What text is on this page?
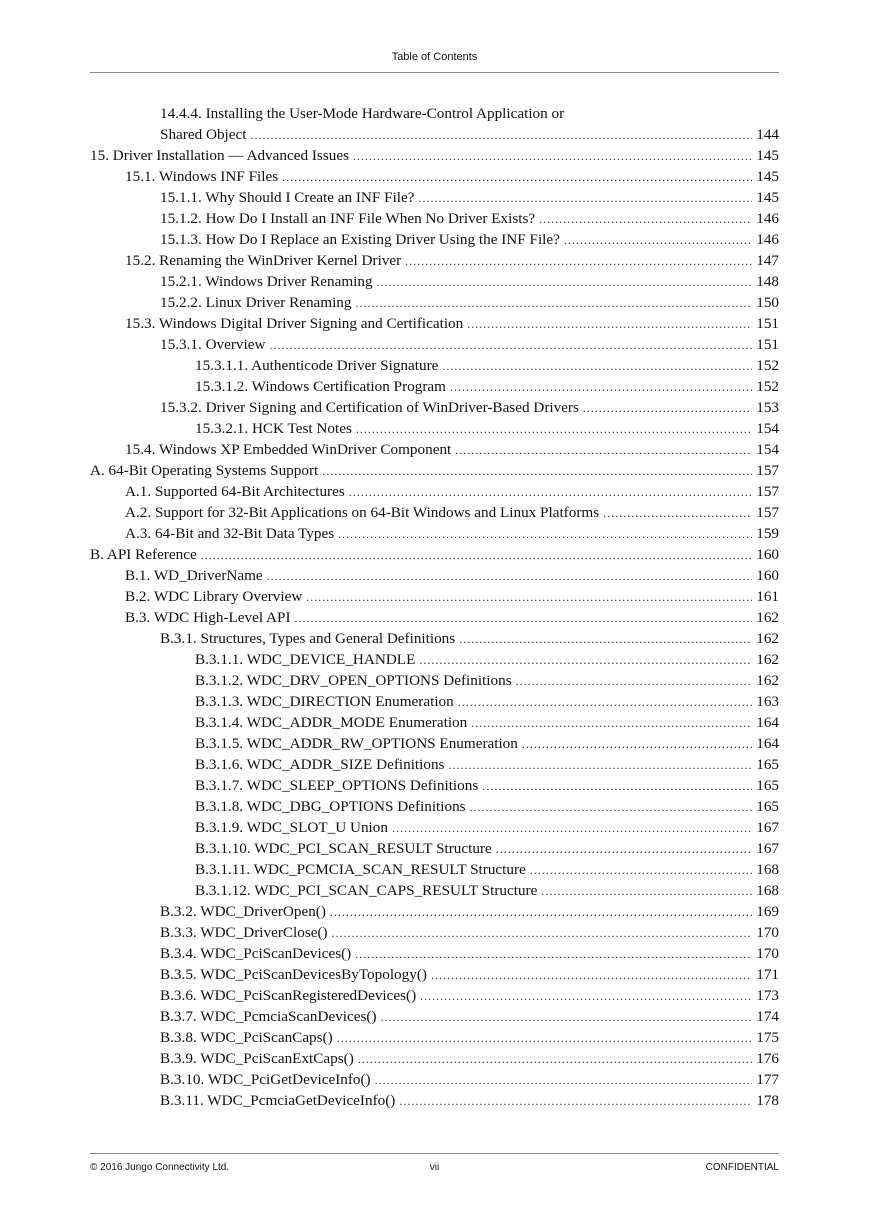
Table of Contents
14.4.4. Installing the User-Mode Hardware-Control Application or
Shared Object .....	144
15. Driver Installation — Advanced Issues .....	145
15.1. Windows INF Files .....	145
15.1.1. Why Should I Create an INF File? .....	145
15.1.2. How Do I Install an INF File When No Driver Exists? .....	146
15.1.3. How Do I Replace an Existing Driver Using the INF File? .....	146
15.2. Renaming the WinDriver Kernel Driver .....	147
15.2.1. Windows Driver Renaming .....	148
15.2.2. Linux Driver Renaming .....	150
15.3. Windows Digital Driver Signing and Certification .....	151
15.3.1. Overview .....	151
15.3.1.1. Authenticode Driver Signature .....	152
15.3.1.2. Windows Certification Program .....	152
15.3.2. Driver Signing and Certification of WinDriver-Based Drivers .....	153
15.3.2.1. HCK Test Notes .....	154
15.4. Windows XP Embedded WinDriver Component .....	154
A. 64-Bit Operating Systems Support .....	157
A.1. Supported 64-Bit Architectures .....	157
A.2. Support for 32-Bit Applications on 64-Bit Windows and Linux Platforms .....	157
A.3. 64-Bit and 32-Bit Data Types .....	159
B. API Reference .....	160
B.1. WD_DriverName .....	160
B.2. WDC Library Overview .....	161
B.3. WDC High-Level API .....	162
B.3.1. Structures, Types and General Definitions .....	162
B.3.1.1. WDC_DEVICE_HANDLE .....	162
B.3.1.2. WDC_DRV_OPEN_OPTIONS Definitions .....	162
B.3.1.3. WDC_DIRECTION Enumeration .....	163
B.3.1.4. WDC_ADDR_MODE Enumeration .....	164
B.3.1.5. WDC_ADDR_RW_OPTIONS Enumeration .....	164
B.3.1.6. WDC_ADDR_SIZE Definitions .....	165
B.3.1.7. WDC_SLEEP_OPTIONS Definitions .....	165
B.3.1.8. WDC_DBG_OPTIONS Definitions .....	165
B.3.1.9. WDC_SLOT_U Union .....	167
B.3.1.10. WDC_PCI_SCAN_RESULT Structure .....	167
B.3.1.11. WDC_PCMCIA_SCAN_RESULT Structure .....	168
B.3.1.12. WDC_PCI_SCAN_CAPS_RESULT Structure .....	168
B.3.2. WDC_DriverOpen() .....	169
B.3.3. WDC_DriverClose() .....	170
B.3.4. WDC_PciScanDevices() .....	170
B.3.5. WDC_PciScanDevicesByTopology() .....	171
B.3.6. WDC_PciScanRegisteredDevices() .....	173
B.3.7. WDC_PcmciaScanDevices() .....	174
B.3.8. WDC_PciScanCaps() .....	175
B.3.9. WDC_PciScanExtCaps() .....	176
B.3.10. WDC_PciGetDeviceInfo() .....	177
B.3.11. WDC_PcmciaGetDeviceInfo() .....	178
© 2016 Jungo Connectivity Ltd.	vii	CONFIDENTIAL
